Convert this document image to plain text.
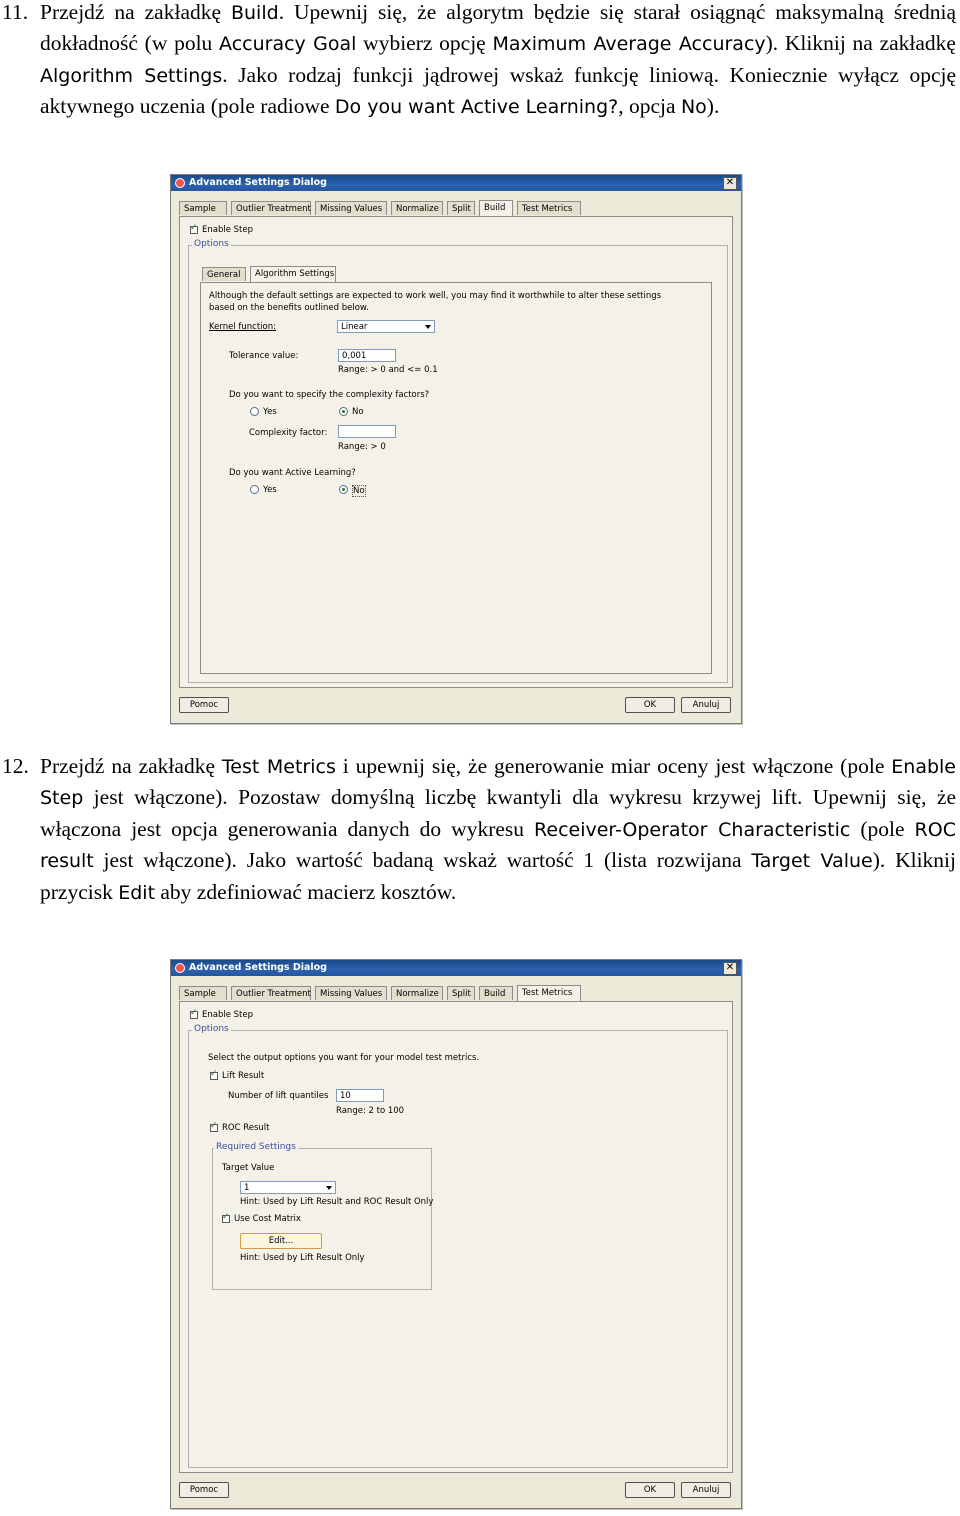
11. Przejdź na zakładkę Build. Upewnij się, że algorytm będzie się starał osiągnąć maksymalną średnią dokładność (w polu Accuracy Goal wybierz opcję Maximum Average Accuracy). Kliknij na zakładkę Algorithm Settings. Jako rodzaj funkcji jądrowej wskaż funkcję liniową. Koniecznie wyłącz opcję aktywnego uczenia (pole radiowe Do you want Active Learning?, opcja No).
Advanced Settings Dialog	✕
Sample	Outlier Treatment	Missing Values	Normalize	Split	Build	Test Metrics
✓
Enable Step
Options
General	Algorithm Settings
Although the default settings are expected to work well, you may find it worthwhile to alter these settings based on the benefits outlined below.
Kernel function:	Linear
Tolerance value:	0,001
Range: > 0 and <= 0.1
Do you want to specify the complexity factors?
Yes	No
Complexity factor:
Range: > 0
Do you want Active Learning?
Yes	No
Pomoc	OK	Anuluj
12. Przejdź na zakładkę Test Metrics i upewnij się, że generowanie miar oceny jest włączone (pole Enable Step jest włączone). Pozostaw domyślną liczbę kwantyli dla wykresu krzywej lift. Upewnij się, że włączona jest opcja generowania danych do wykresu Receiver-Operator Characteristic (pole ROC result jest włączone). Jako wartość badaną wskaż wartość 1 (lista rozwijana Target Value). Kliknij przycisk Edit aby zdefiniować macierz kosztów.
Advanced Settings Dialog	✕
Sample	Outlier Treatment	Missing Values	Normalize	Split	Build	Test Metrics
✓
Enable Step
Options
Select the output options you want for your model test metrics.
✓
Lift Result
Number of lift quantiles	10
Range: 2 to 100
✓
ROC Result
Required Settings
Target Value
1
Hint: Used by Lift Result and ROC Result Only
✓
Use Cost Matrix
Edit...
Hint: Used by Lift Result Only
Pomoc	OK	Anuluj
